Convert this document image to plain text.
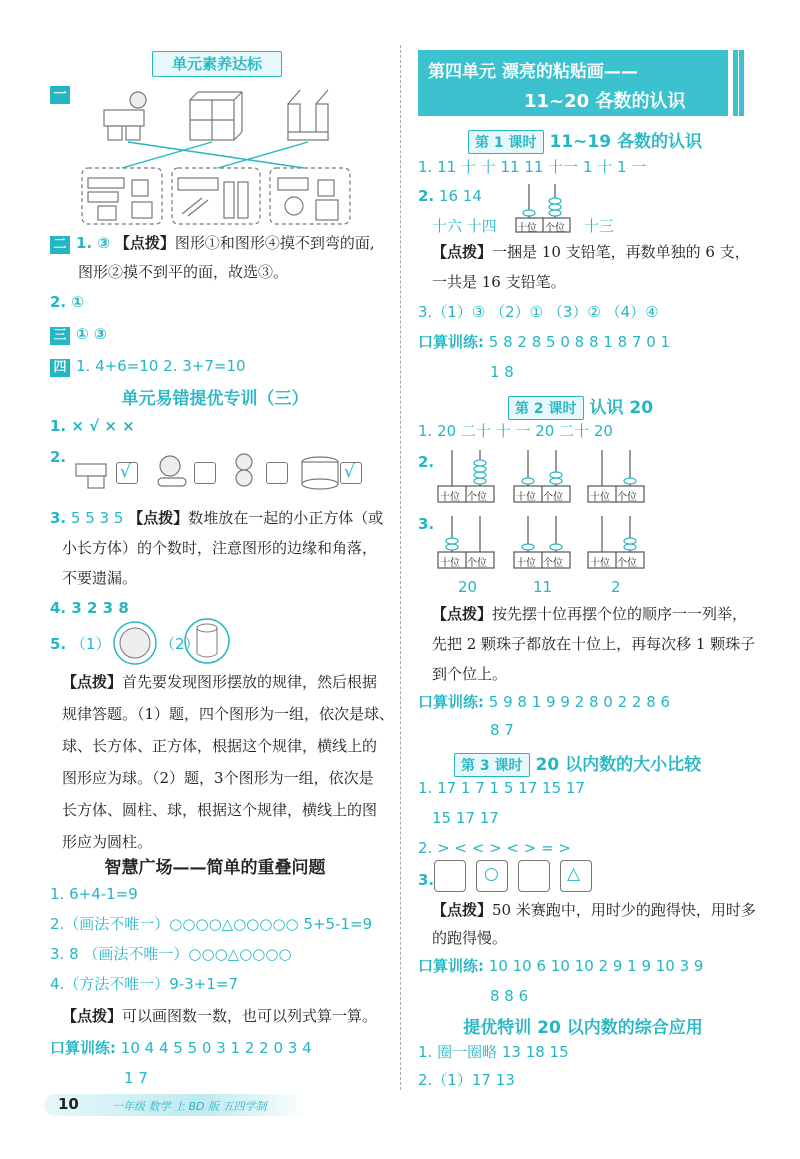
单元素养达标
一
二 1. ③ 【点拨】图形①和图形④摸不到弯的面,
图形②摸不到平的面，故选③。
2. ①
三 ① ③
四 1. 4+6=10 2. 3+7=10
单元易错提优专训（三）
1. × √ × ×
2.
√	√
3. 5 5 3 5 【点拨】数堆放在一起的小正方体（或
小长方体）的个数时，注意图形的边缘和角落，
不要遗漏。
4. 3 2 3 8
5. （1）	（2）
【点拨】首先要发现图形摆放的规律，然后根据
规律答题。（1）题，四个图形为一组，依次是球、
球、长方体、正方体，根据这个规律，横线上的
图形应为球。（2）题，3个图形为一组，依次是
长方体、圆柱、球，根据这个规律，横线上的图
形应为圆柱。
智慧广场——简单的重叠问题
1. 6+4-1=9
2.（画法不唯一）○○○○△○○○○○ 5+5-1=9
3. 8 （画法不唯一）○○○△○○○○
4.（方法不唯一）9-3+1=7
【点拨】可以画图数一数，也可以列式算一算。
口算训练: 10 4 4 5 5 0 3 1 2 2 0 3 4
1 7
10	一年级 数学 上 BD 版 五四学制
第四单元 漂亮的粘贴画——
11~20 各数的认识
第 1 课时 11~19 各数的认识
1. 11 十 十 11 11 十一 1 十 1 一
2. 16 14
十六 十四 十位 个位 十三
【点拨】一捆是 10 支铅笔，再数单独的 6 支，
一共是 16 支铅笔。
3.（1）③ （2）① （3）② （4）④
口算训练: 5 8 2 8 5 0 8 8 1 8 7 0 1
1 8
第 2 课时 认识 20
1. 20 二十 十 一 20 二十 20
2.
十位 个位	十位 个位	十位 个位
3.
十位 个位	十位 个位	十位 个位
20	11	2
【点拨】按先摆十位再摆个位的顺序一一列举，
先把 2 颗珠子都放在十位上，再每次移 1 颗珠子
到个位上。
口算训练: 5 9 8 1 9 9 2 8 0 2 2 8 6
8 7
第 3 课时 20 以内数的大小比较
1. 17 1 7 1 5 17 15 17
15 17 17
2. > < < > < > = >
3.	○	△
【点拨】50 米赛跑中，用时少的跑得快，用时多
的跑得慢。
口算训练: 10 10 6 10 10 2 9 1 9 10 3 9
8 8 6
提优特训 20 以内数的综合应用
1. 圈一圈略 13 18 15
2.（1）17 13
